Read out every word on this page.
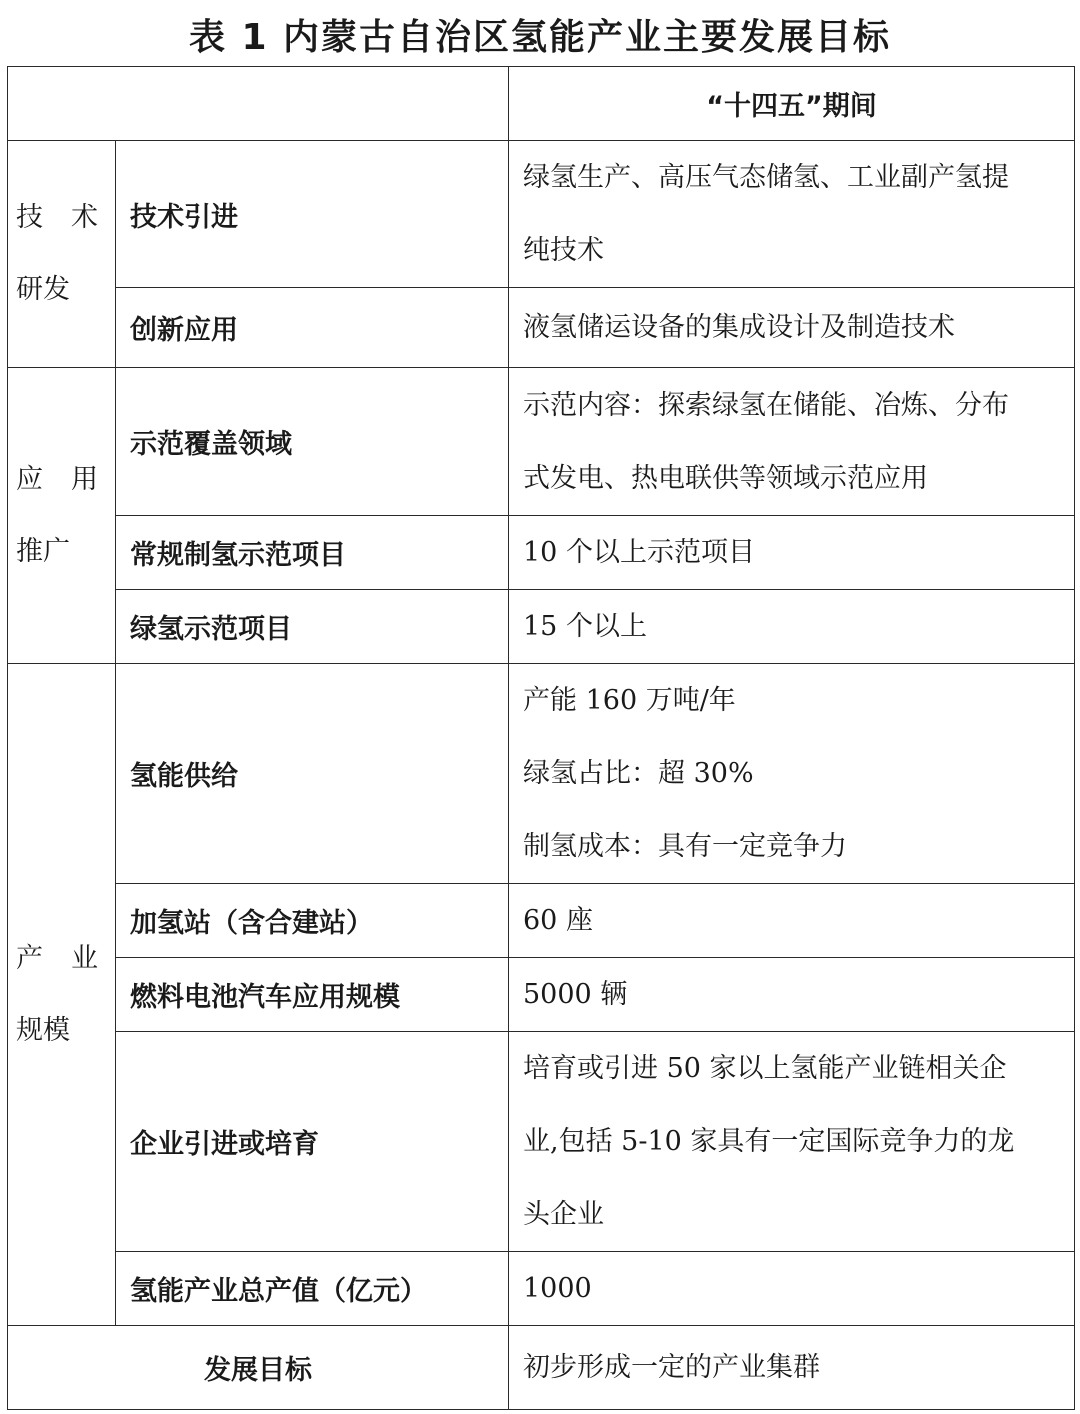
表 1 内蒙古自治区氢能产业主要发展目标
		“十四五”期间

技 术
研发	技术引进	绿氢生产、高压气态储氢、工业副产氢提
纯技术

	创新应用	液氢储运设备的集成设计及制造技术

应 用
推广	示范覆盖领域	示范内容：探索绿氢在储能、冶炼、分布
式发电、热电联供等领域示范应用

	常规制氢示范项目	10 个以上示范项目

	绿氢示范项目	15 个以上

产 业
规模	氢能供给	产能 160 万吨/年
绿氢占比：超 30%
制氢成本：具有一定竞争力

	加氢站（含合建站）	60 座

	燃料电池汽车应用规模	5000 辆

	企业引进或培育	培育或引进 50 家以上氢能产业链相关企
业,包括 5-10 家具有一定国际竞争力的龙
头企业

	氢能产业总产值（亿元）	1000

发展目标		初步形成一定的产业集群
